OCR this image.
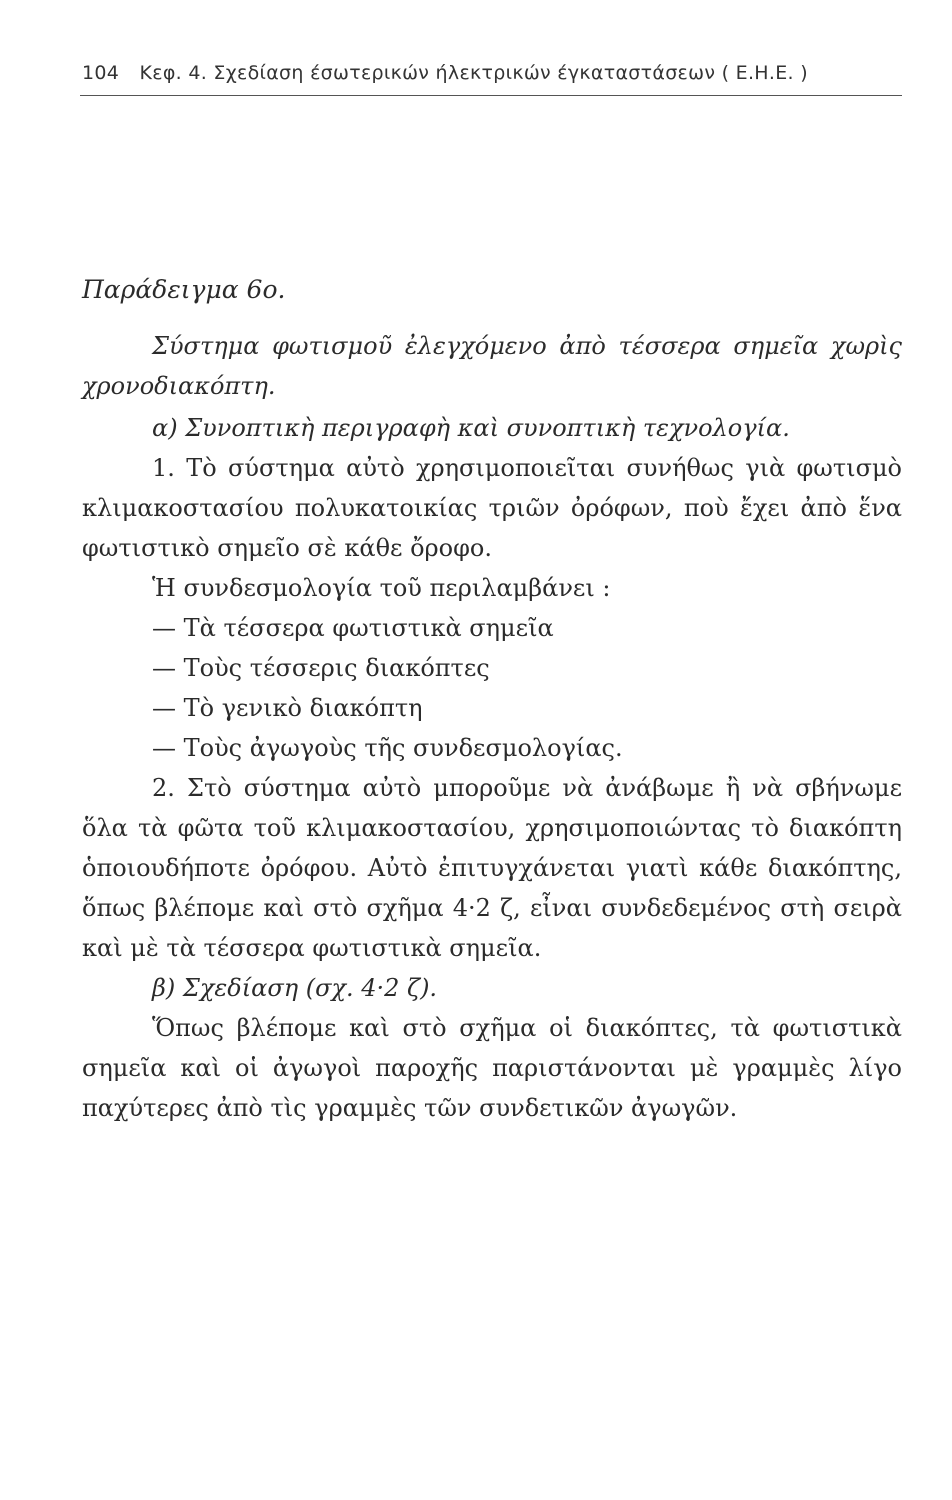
104 Κεφ. 4. Σχεδίαση έσωτερικών ήλεκτρικών έγκαταστάσεων ( Ε.Η.Ε. )

Παράδειγμα 6ο.

Σύστημα φωτισμοῦ ἐλεγχόμενο ἀπὸ τέσσερα σημεῖα χωρὶς χρονοδιακόπτη.

α) Συνοπτικὴ περιγραφὴ καὶ συνοπτικὴ τεχνολογία.

1. Τὸ σύστημα αὐτὸ χρησιμοποιεῖται συνήθως γιὰ φωτισμὸ κλιμακοστασίου πολυκατοικίας τριῶν ὀρόφων, ποὺ ἔχει ἀπὸ ἕνα φωτιστικὸ σημεῖο σὲ κάθε ὄροφο.

Ἡ συνδεσμολογία τοῦ περιλαμβάνει :

— Τὰ τέσσερα φωτιστικὰ σημεῖα

— Τοὺς τέσσερις διακόπτες

— Τὸ γενικὸ διακόπτη

— Τοὺς ἀγωγοὺς τῆς συνδεσμολογίας.

2. Στὸ σύστημα αὐτὸ μποροῦμε νὰ ἀνάβωμε ἢ νὰ σβήνωμε ὅλα τὰ φῶτα τοῦ κλιμακοστασίου, χρησιμοποιώντας τὸ διακόπτη ὁποιουδήποτε ὀρόφου. Αὐτὸ ἐπιτυγχάνεται γιατὶ κάθε διακόπτης, ὅπως βλέπομε καὶ στὸ σχῆμα 4·2 ζ, εἶναι συνδεδεμένος στὴ σειρὰ καὶ μὲ τὰ τέσσερα φωτιστικὰ σημεῖα.

β) Σχεδίαση (σχ. 4·2 ζ).

Ὅπως βλέπομε καὶ στὸ σχῆμα οἱ διακόπτες, τὰ φωτιστικὰ σημεῖα καὶ οἱ ἀγωγοὶ παροχῆς παριστάνονται μὲ γραμμὲς λίγο παχύτερες ἀπὸ τὶς γραμμὲς τῶν συνδετικῶν ἀγωγῶν.
